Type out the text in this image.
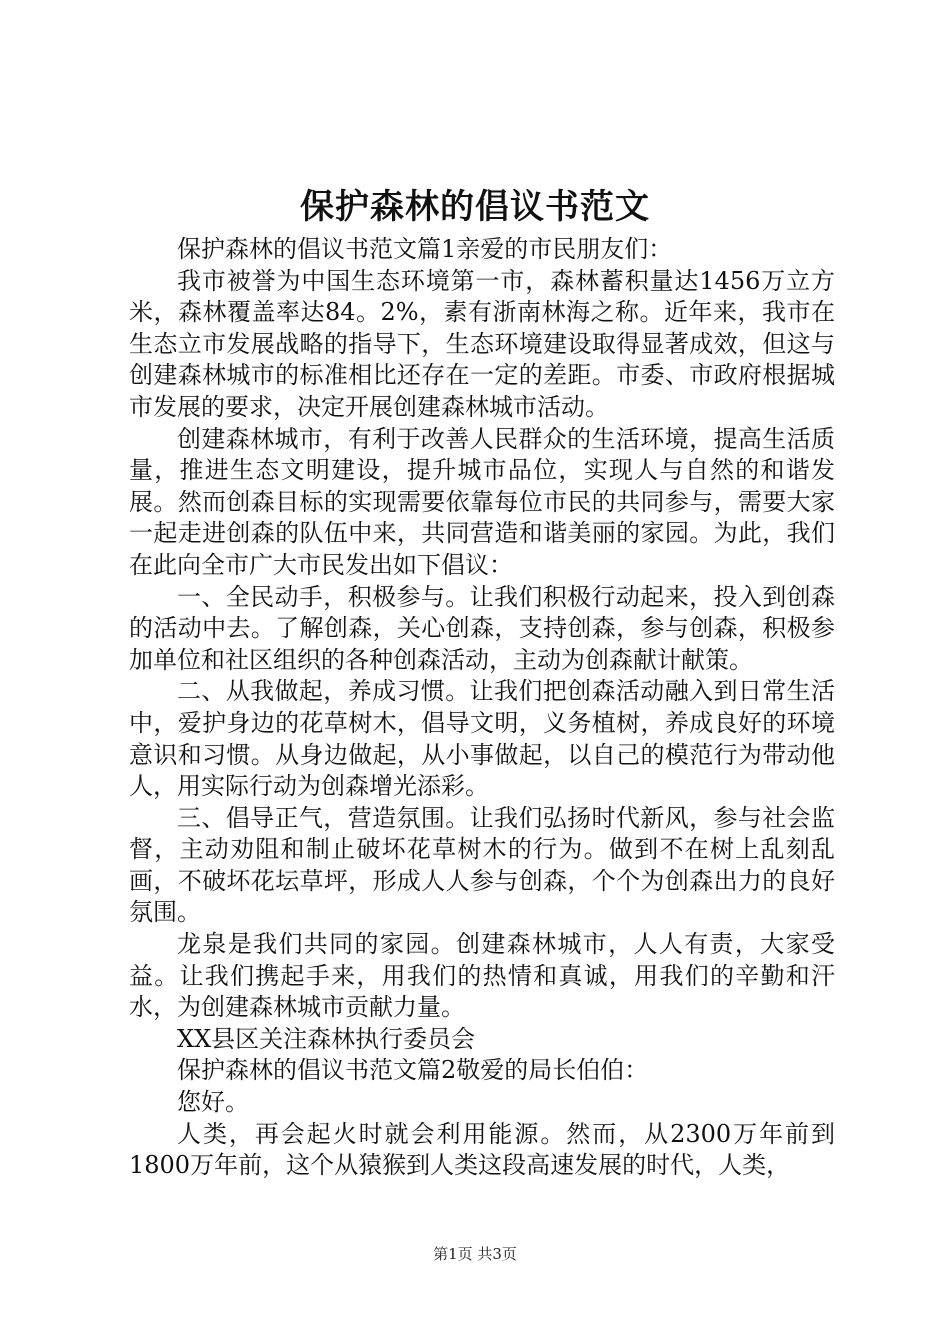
保护森林的倡议书范文

保护森林的倡议书范文篇1亲爱的市民朋友们：

我市被誉为中国生态环境第一市，森林蓄积量达1456万立方米，森林覆盖率达84。2%，素有浙南林海之称。近年来，我市在生态立市发展战略的指导下，生态环境建设取得显著成效，但这与创建森林城市的标准相比还存在一定的差距。市委、市政府根据城市发展的要求，决定开展创建森林城市活动。

创建森林城市，有利于改善人民群众的生活环境，提高生活质量，推进生态文明建设，提升城市品位，实现人与自然的和谐发展。然而创森目标的实现需要依靠每位市民的共同参与，需要大家一起走进创森的队伍中来，共同营造和谐美丽的家园。为此，我们在此向全市广大市民发出如下倡议：

一、全民动手，积极参与。让我们积极行动起来，投入到创森的活动中去。了解创森，关心创森，支持创森，参与创森，积极参加单位和社区组织的各种创森活动，主动为创森献计献策。

二、从我做起，养成习惯。让我们把创森活动融入到日常生活中，爱护身边的花草树木，倡导文明，义务植树，养成良好的环境意识和习惯。从身边做起，从小事做起，以自己的模范行为带动他人，用实际行动为创森增光添彩。

三、倡导正气，营造氛围。让我们弘扬时代新风，参与社会监督，主动劝阻和制止破坏花草树木的行为。做到不在树上乱刻乱画，不破坏花坛草坪，形成人人参与创森，个个为创森出力的良好氛围。

龙泉是我们共同的家园。创建森林城市，人人有责，大家受益。让我们携起手来，用我们的热情和真诚，用我们的辛勤和汗水，为创建森林城市贡献力量。

XX县区关注森林执行委员会

保护森林的倡议书范文篇2敬爱的局长伯伯：

您好。

人类，再会起火时就会利用能源。然而，从2300万年前到1800万年前，这个从猿猴到人类这段高速发展的时代，人类，

第1页 共3页
